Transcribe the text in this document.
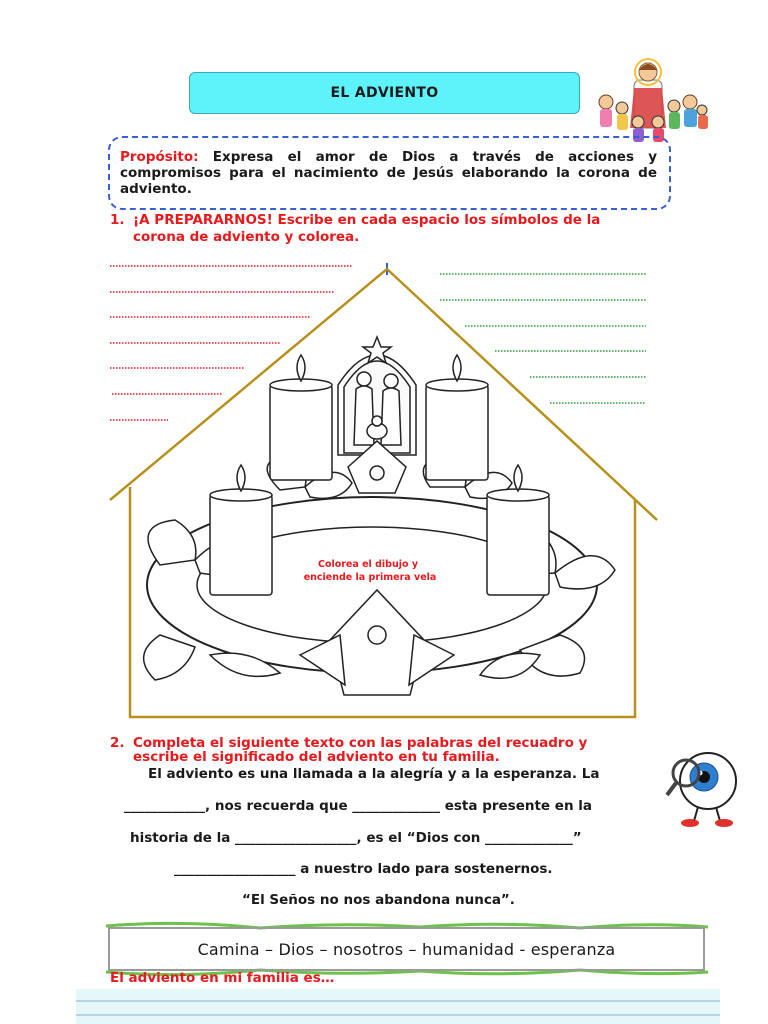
EL ADVIENTO
Propósito: Expresa el amor de Dios a través de acciones y compromisos para el nacimiento de Jesús elaborando la corona de adviento.
1. ¡A PREPARARNOS! Escribe en cada espacio los símbolos de la
corona de adviento y colorea.
Colorea el dibujo y
enciende la primera vela
2. Completa el siguiente texto con las palabras del recuadro y
escribe el significado del adviento en tu familia.
El adviento es una llamada a la alegría y a la esperanza. La
____________, nos recuerda que _____________ esta presente en la
historia de la __________________, es el “Dios con _____________”
__________________ a nuestro lado para sostenernos.
“El Seños no nos abandona nunca”.
Camina – Dios – nosotros – humanidad - esperanza
El adviento en mi familia es…
